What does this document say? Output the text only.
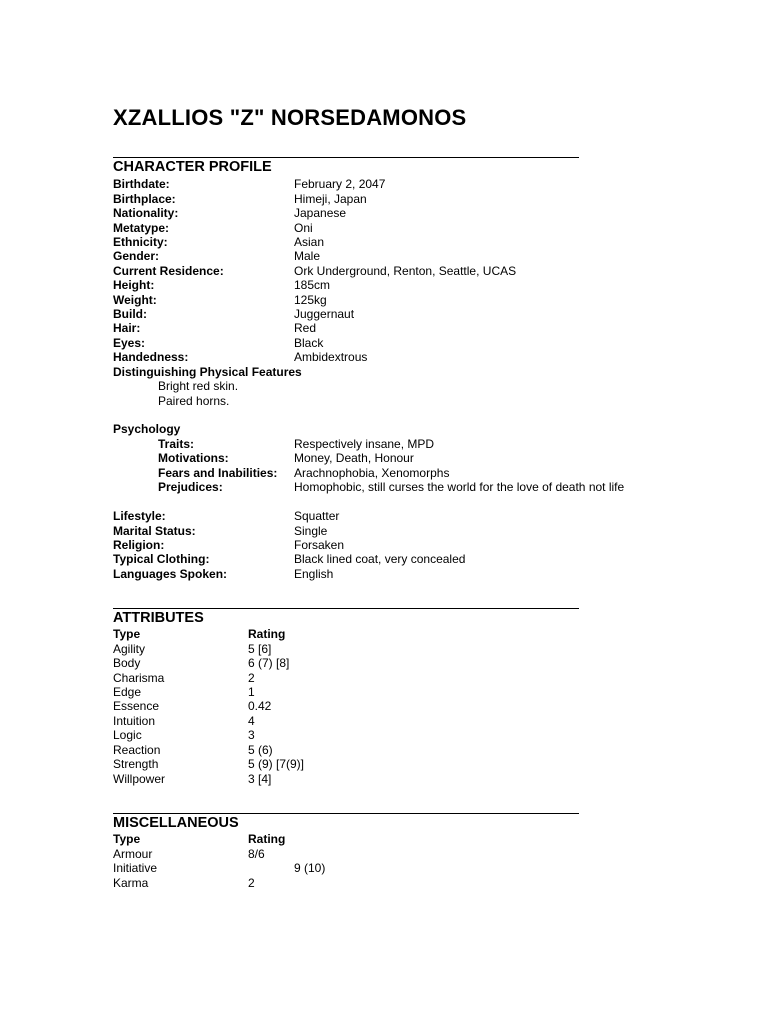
XZALLIOS "Z" NORSEDAMONOS
CHARACTER PROFILE
Birthdate:	February 2, 2047
Birthplace:	Himeji, Japan
Nationality:	Japanese
Metatype:	Oni
Ethnicity:	Asian
Gender:	Male
Current Residence:	Ork Underground, Renton, Seattle, UCAS
Height:	185cm
Weight:	125kg
Build:	Juggernaut
Hair:	Red
Eyes:	Black
Handedness:	Ambidextrous
Distinguishing Physical Features
Bright red skin.
Paired horns.
Psychology
Traits:	Respectively insane, MPD
Motivations:	Money, Death, Honour
Fears and Inabilities: Arachnophobia, Xenomorphs
Prejudices:	Homophobic, still curses the world for the love of death not life
Lifestyle:	Squatter
Marital Status:	Single
Religion:	Forsaken
Typical Clothing:	Black lined coat, very concealed
Languages Spoken:	English
ATTRIBUTES
Type	Rating
Agility	5 [6]
Body	6 (7) [8]
Charisma	2
Edge	1
Essence	0.42
Intuition	4
Logic	3
Reaction	5 (6)
Strength	5 (9) [7(9)]
Willpower	3 [4]
MISCELLANEOUS
Type	Rating
Armour	8/6
Initiative	9 (10)
Karma	2
